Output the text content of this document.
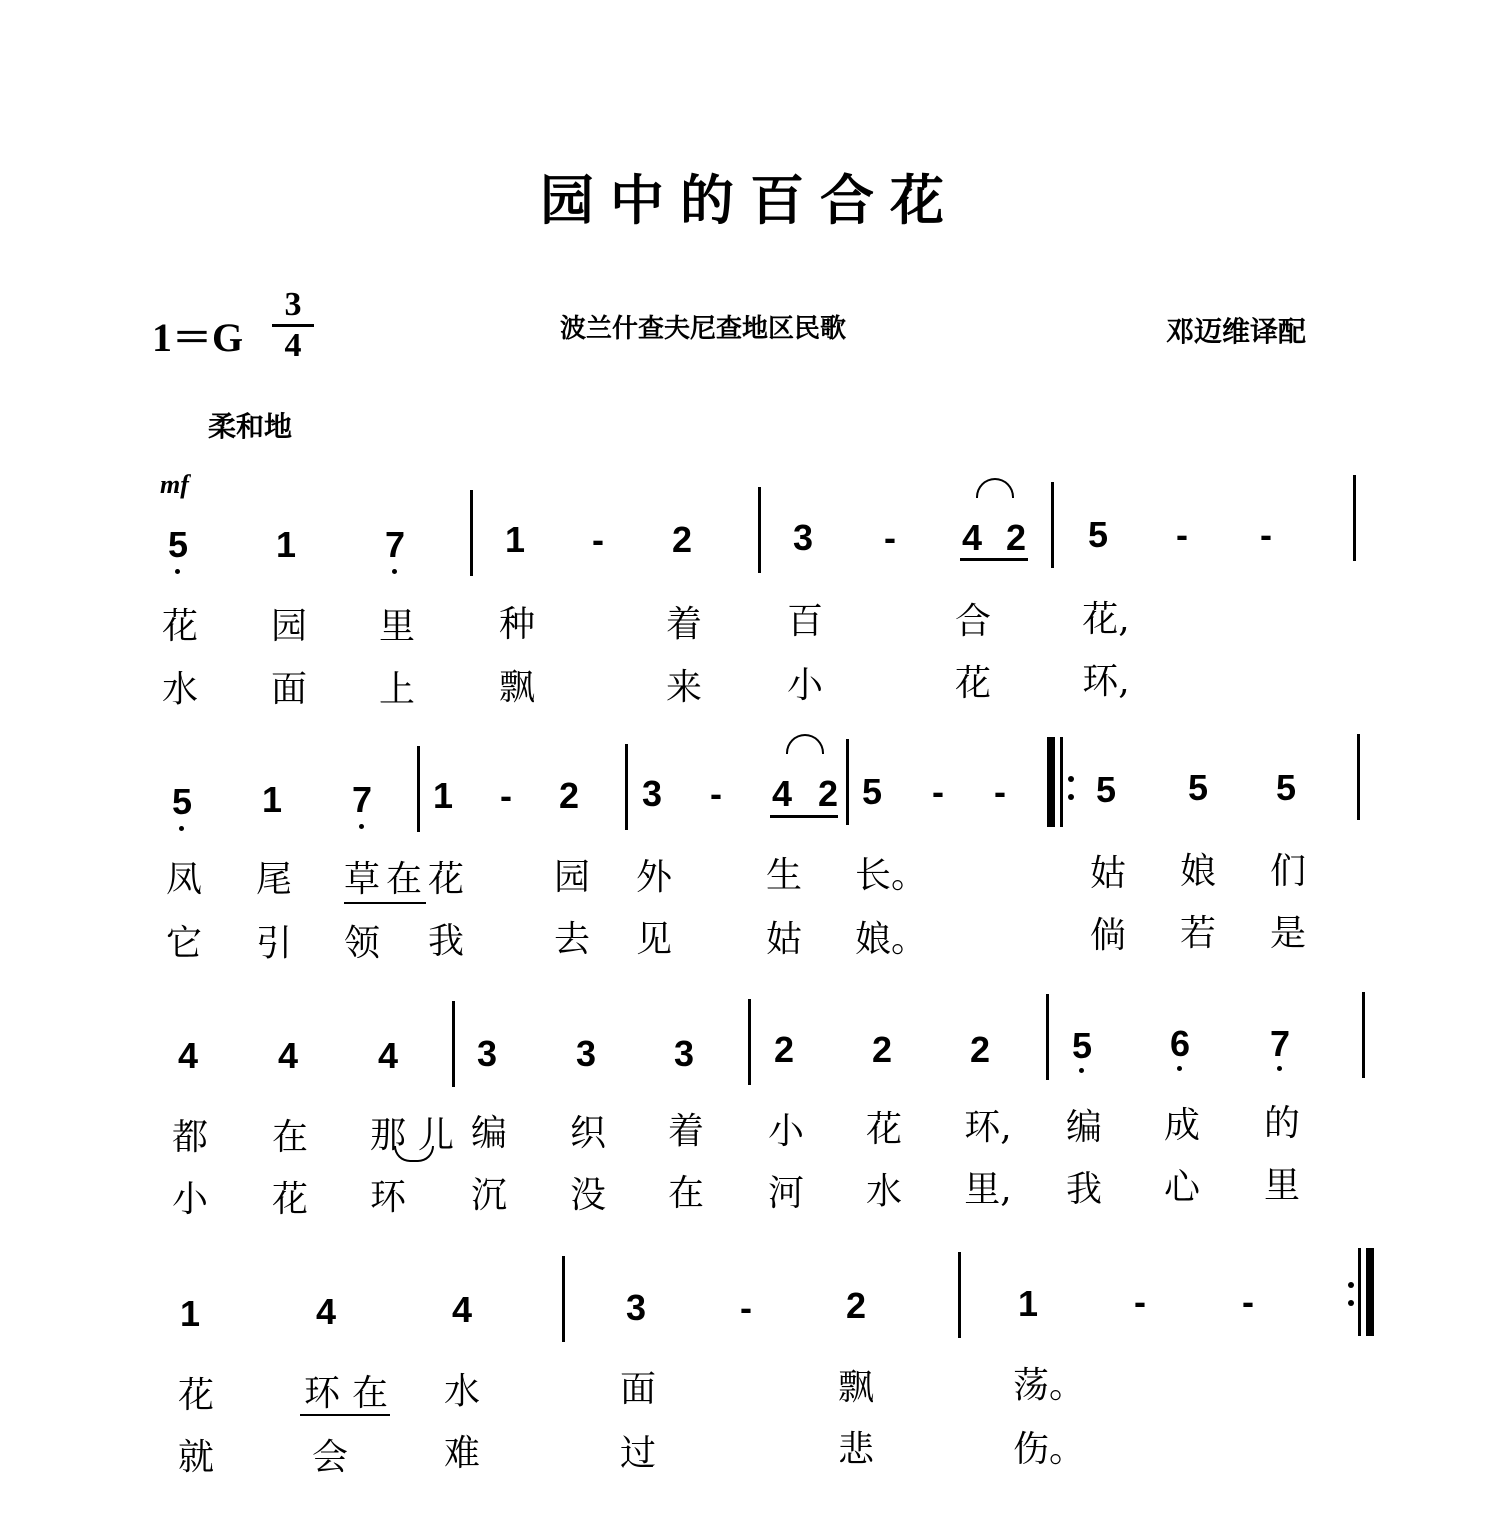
园中的百合花
1＝G
3
4	波兰什查夫尼查地区民歌	邓迈维译配
柔和地
mf
5 1 7	1	-	2	3	-	4 2 5	-	-
花 园 里 种	着 百	合	花,
水 面 上 飘	来 小	花	环,
5 1 7 1	-	2 3	-	4 2 5	-	-	5 5 5
凤 尾 草 在 花 园 外	生 长。	姑 娘 们
它 引 领 我 去 见	姑 娘。	倘 若 是
4 4 4 3 3 3 2 2 2 5 6 7
都 在 那 儿 编 织 着 小 花 环, 编 成 的
小 花 环 沉 没 在 河 水 里, 我 心 里
1	4	4	3	-	2	1	-	-
花 环 在 水	面	飘	荡。
就	会	难	过	悲	伤。
